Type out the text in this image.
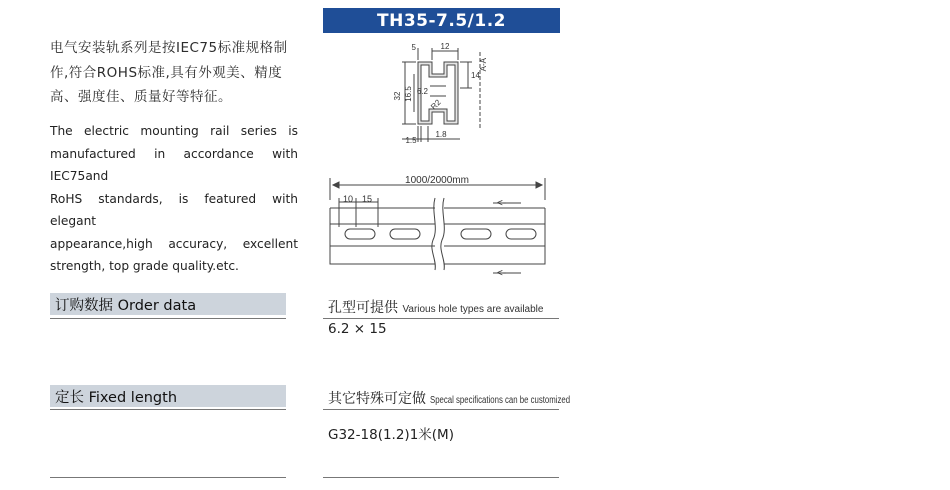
TH35-7.5/1.2
电气安装轨系列是按IEC75标准规格制
作,符合ROHS标准,具有外观美、精度
高、强度佳、质量好等特征。
The electric mounting rail series is
manufactured in accordance with IEC75and
RoHS standards, is featured with elegant
appearance,high accuracy, excellent
strength, top grade quality.etc.
5	12
14
32 16.5 6.2
R2
1.5
1.8
A-A
1000/2000mm
10 15	<-
<-
订购数据 Order data	孔型可提供 Various hole types are available
6.2 × 15
定长 Fixed length	其它特殊可定做 Specal specifications can be customized
G32-18(1.2)1米(M)
